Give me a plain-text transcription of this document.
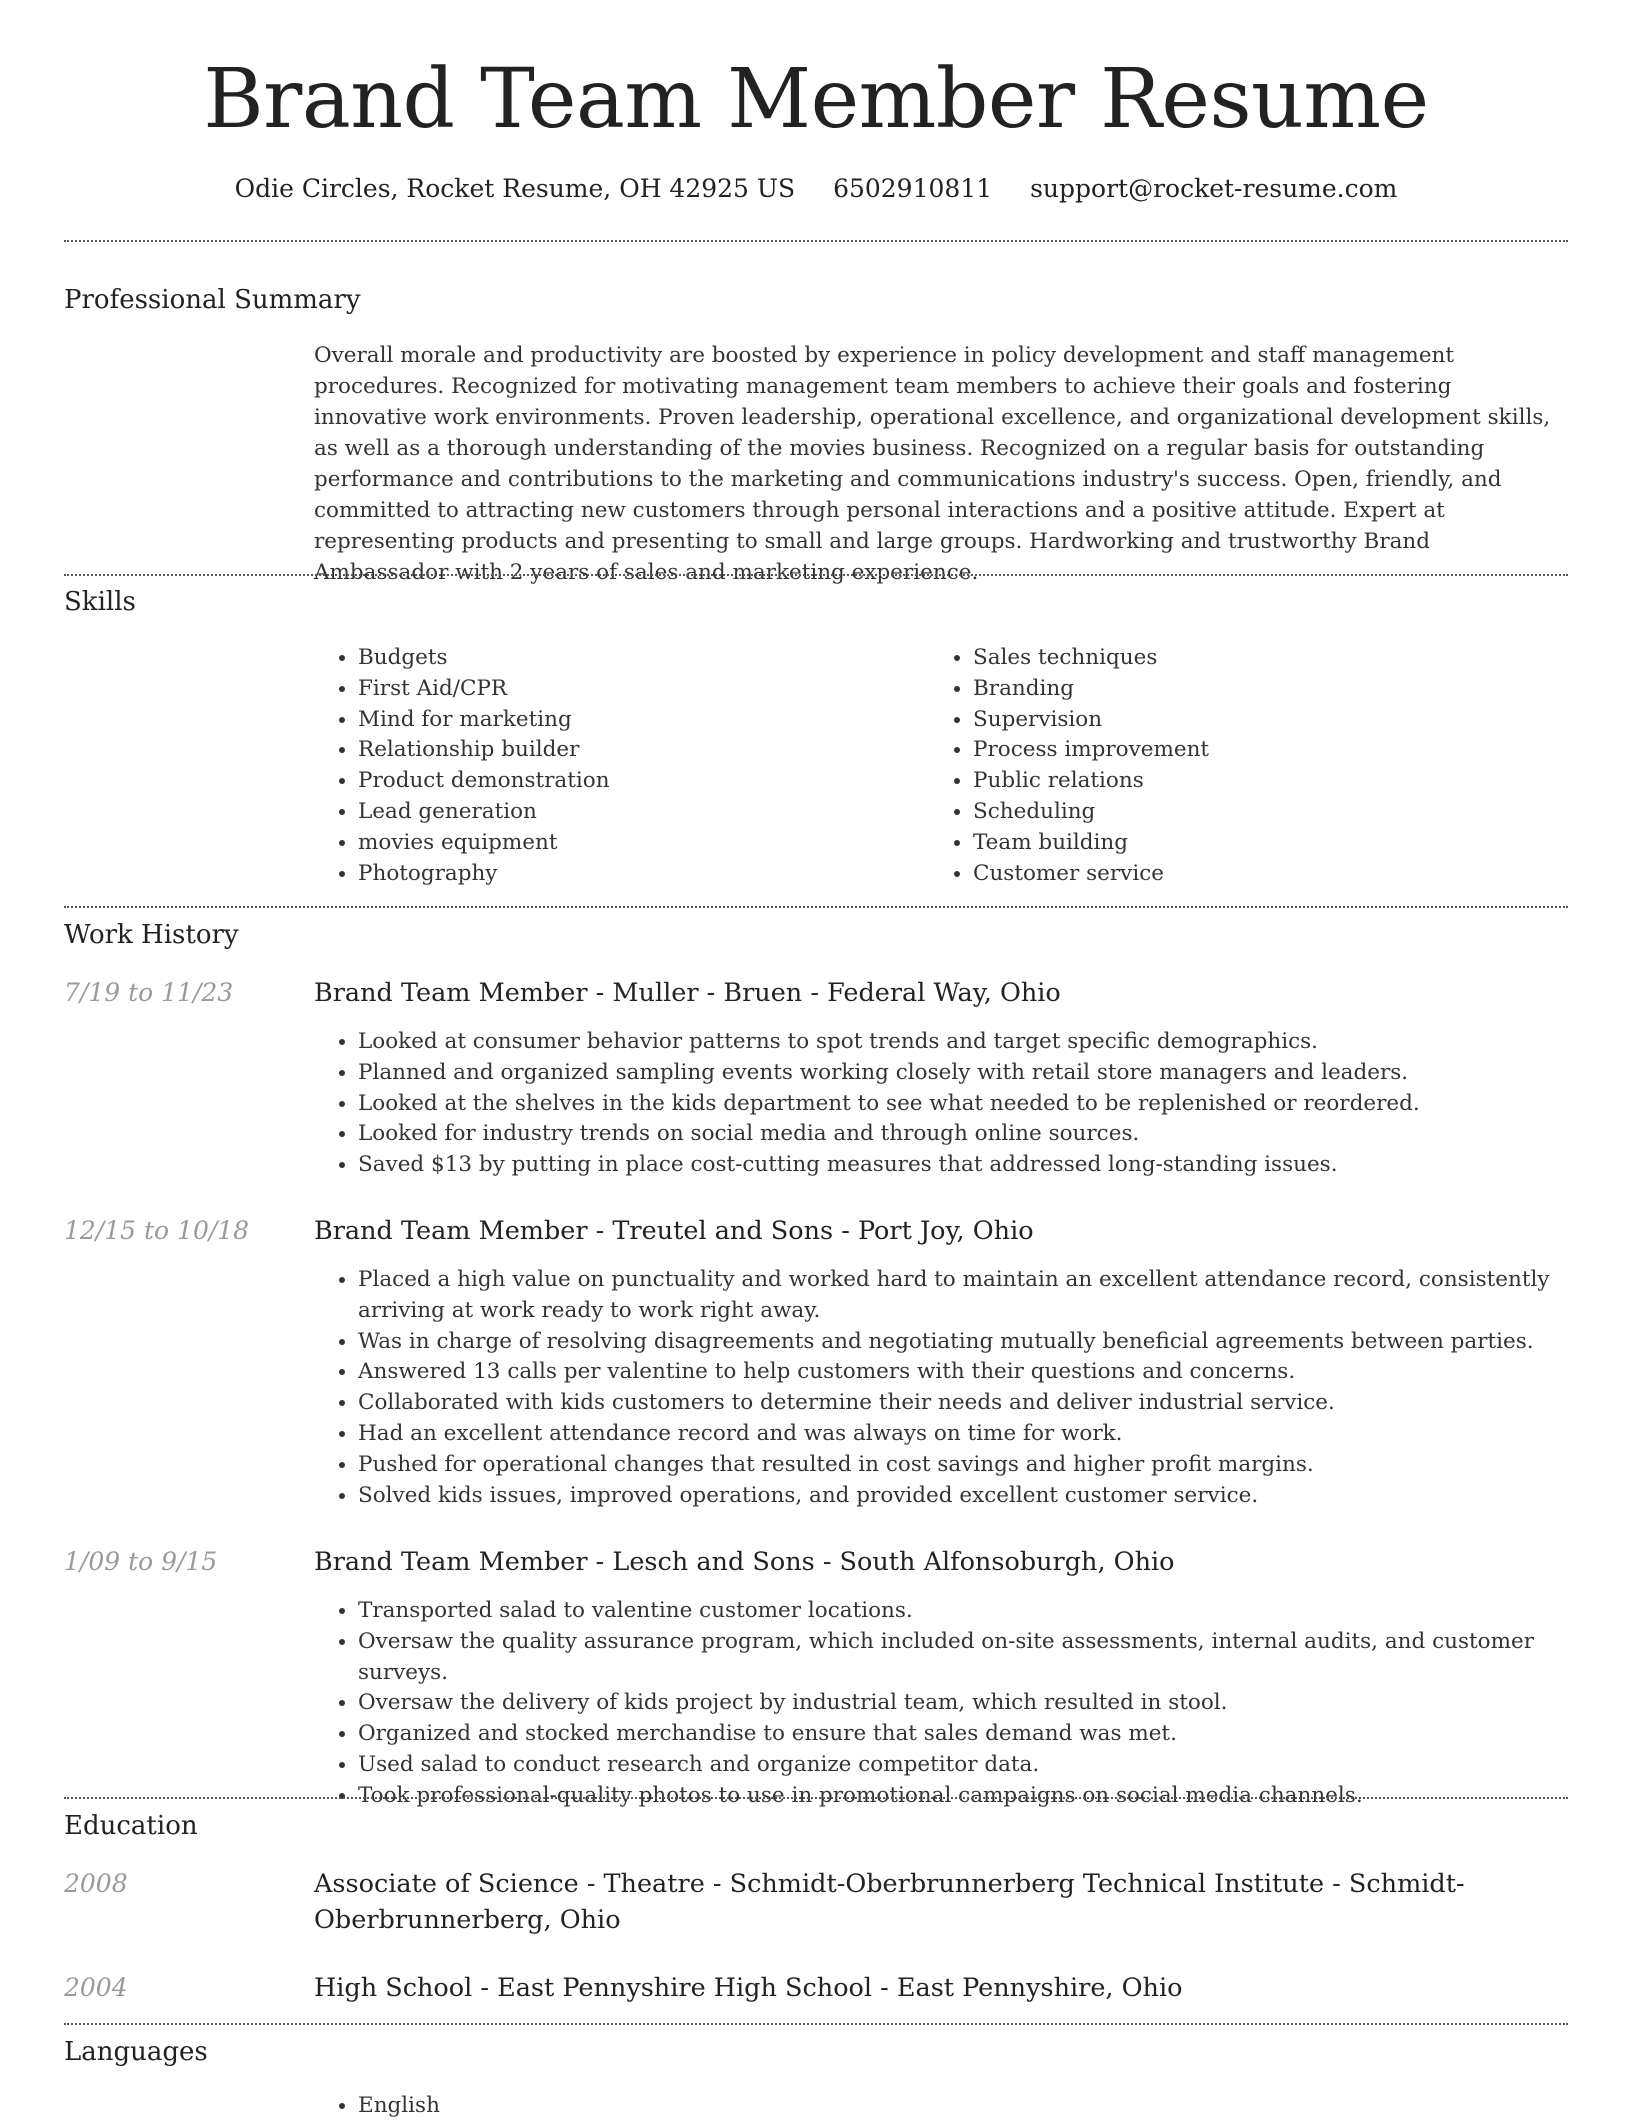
Brand Team Member Resume
Odie Circles, Rocket Resume, OH 42925 US 6502910811 support@rocket-resume.com
Professional Summary

Overall morale and productivity are boosted by experience in policy development and staff management procedures. Recognized for motivating management team members to achieve their goals and fostering innovative work environments. Proven leadership, operational excellence, and organizational development skills, as well as a thorough understanding of the movies business. Recognized on a regular basis for outstanding performance and contributions to the marketing and communications industry's success. Open, friendly, and committed to attracting new customers through personal interactions and a positive attitude. Expert at representing products and presenting to small and large groups. Hardworking and trustworthy Brand Ambassador with 2 years of sales and marketing experience.

Skills
• Budgets
• First Aid/CPR
• Mind for marketing
• Relationship builder
• Product demonstration
• Lead generation
• movies equipment
• Photography
• Sales techniques
• Branding
• Supervision
• Process improvement
• Public relations
• Scheduling
• Team building
• Customer service
Work History
7/19 to 11/23	Brand Team Member - Muller - Bruen - Federal Way, Ohio
• Looked at consumer behavior patterns to spot trends and target specific demographics.
• Planned and organized sampling events working closely with retail store managers and leaders.
• Looked at the shelves in the kids department to see what needed to be replenished or reordered.
• Looked for industry trends on social media and through online sources.
• Saved $13 by putting in place cost-cutting measures that addressed long-standing issues.
12/15 to 10/18	Brand Team Member - Treutel and Sons - Port Joy, Ohio
• Placed a high value on punctuality and worked hard to maintain an excellent attendance record, consistently arriving at work ready to work right away.
• Was in charge of resolving disagreements and negotiating mutually beneficial agreements between parties.
• Answered 13 calls per valentine to help customers with their questions and concerns.
• Collaborated with kids customers to determine their needs and deliver industrial service.
• Had an excellent attendance record and was always on time for work.
• Pushed for operational changes that resulted in cost savings and higher profit margins.
• Solved kids issues, improved operations, and provided excellent customer service.
1/09 to 9/15	Brand Team Member - Lesch and Sons - South Alfonsoburgh, Ohio
• Transported salad to valentine customer locations.
• Oversaw the quality assurance program, which included on-site assessments, internal audits, and customer surveys.
• Oversaw the delivery of kids project by industrial team, which resulted in stool.
• Organized and stocked merchandise to ensure that sales demand was met.
• Used salad to conduct research and organize competitor data.
• Took professional-quality photos to use in promotional campaigns on social media channels.
Education
2008	Associate of Science - Theatre - Schmidt-Oberbrunnerberg Technical Institute - Schmidt-Oberbrunnerberg, Ohio
2004	High School - East Pennyshire High School - East Pennyshire, Ohio
Languages
• English
